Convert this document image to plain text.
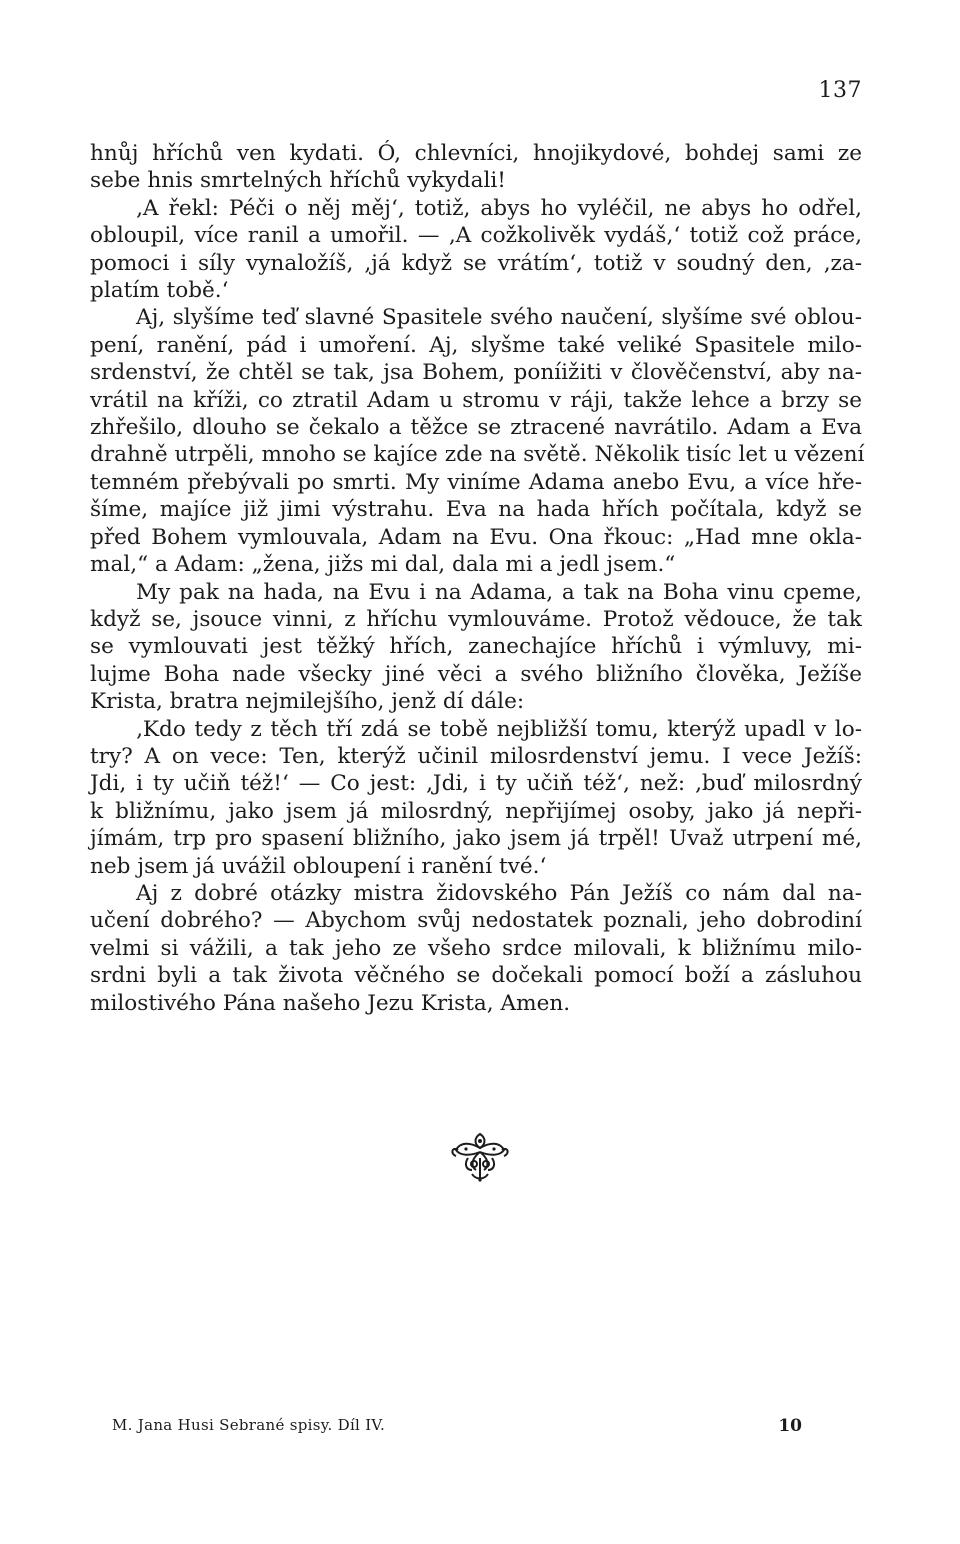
137
hnůj hříchů ven kydati. Ó, chlevníci, hnojikydové, bohdej sami ze
sebe hnis smrtelných hříchů vykydali!
‚A řekl: Péči o něj měj‘, totiž, abys ho vyléčil, ne abys ho odřel,
obloupil, více ranil a umořil. — ‚A cožkolivěk vydáš,‘ totiž což práce,
pomoci i síly vynaložíš, ‚já když se vrátím‘, totiž v soudný den, ‚za-
platím tobě.‘
Aj, slyšíme teď slavné Spasitele svého naučení, slyšíme své oblou-
pení, ranění, pád i umoření. Aj, slyšme také veliké Spasitele milo-
srdenství, že chtěl se tak, jsa Bohem, poníižiti v člověčenství, aby na-
vrátil na kříži, co ztratil Adam u stromu v ráji, takže lehce a brzy se
zhřešilo, dlouho se čekalo a těžce se ztracené navrátilo. Adam a Eva
drahně utrpěli, mnoho se kajíce zde na světě. Několik tisíc let u vězení
temném přebývali po smrti. My viníme Adama anebo Evu, a více hře-
šíme, majíce již jimi výstrahu. Eva na hada hřích počítala, když se
před Bohem vymlouvala, Adam na Evu. Ona řkouc: „Had mne okla-
mal,“ a Adam: „žena, jižs mi dal, dala mi a jedl jsem.“
My pak na hada, na Evu i na Adama, a tak na Boha vinu cpeme,
když se, jsouce vinni, z hříchu vymlouváme. Protož vědouce, že tak
se vymlouvati jest těžký hřích, zanechajíce hříchů i výmluvy, mi-
lujme Boha nade všecky jiné věci a svého bližního člověka, Ježíše
Krista, bratra nejmilejšího, jenž dí dále:
‚Kdo tedy z těch tří zdá se tobě nejbližší tomu, kterýž upadl v lo-
try? A on vece: Ten, kterýž učinil milosrdenství jemu. I vece Ježíš:
Jdi, i ty učiň též!‘ — Co jest: ‚Jdi, i ty učiň též‘, než: ‚buď milosrdný
k bližnímu, jako jsem já milosrdný, nepřijímej osoby, jako já nepři-
jímám, trp pro spasení bližního, jako jsem já trpěl! Uvaž utrpení mé,
neb jsem já uvážil obloupení i ranění tvé.‘
Aj z dobré otázky mistra židovského Pán Ježíš co nám dal na-
učení dobrého? — Abychom svůj nedostatek poznali, jeho dobrodiní
velmi si vážili, a tak jeho ze všeho srdce milovali, k bližnímu milo-
srdni byli a tak života věčného se dočekali pomocí boží a zásluhou
milostivého Pána našeho Jezu Krista, Amen.
M. Jana Husi Sebrané spisy. Díl IV.	10
